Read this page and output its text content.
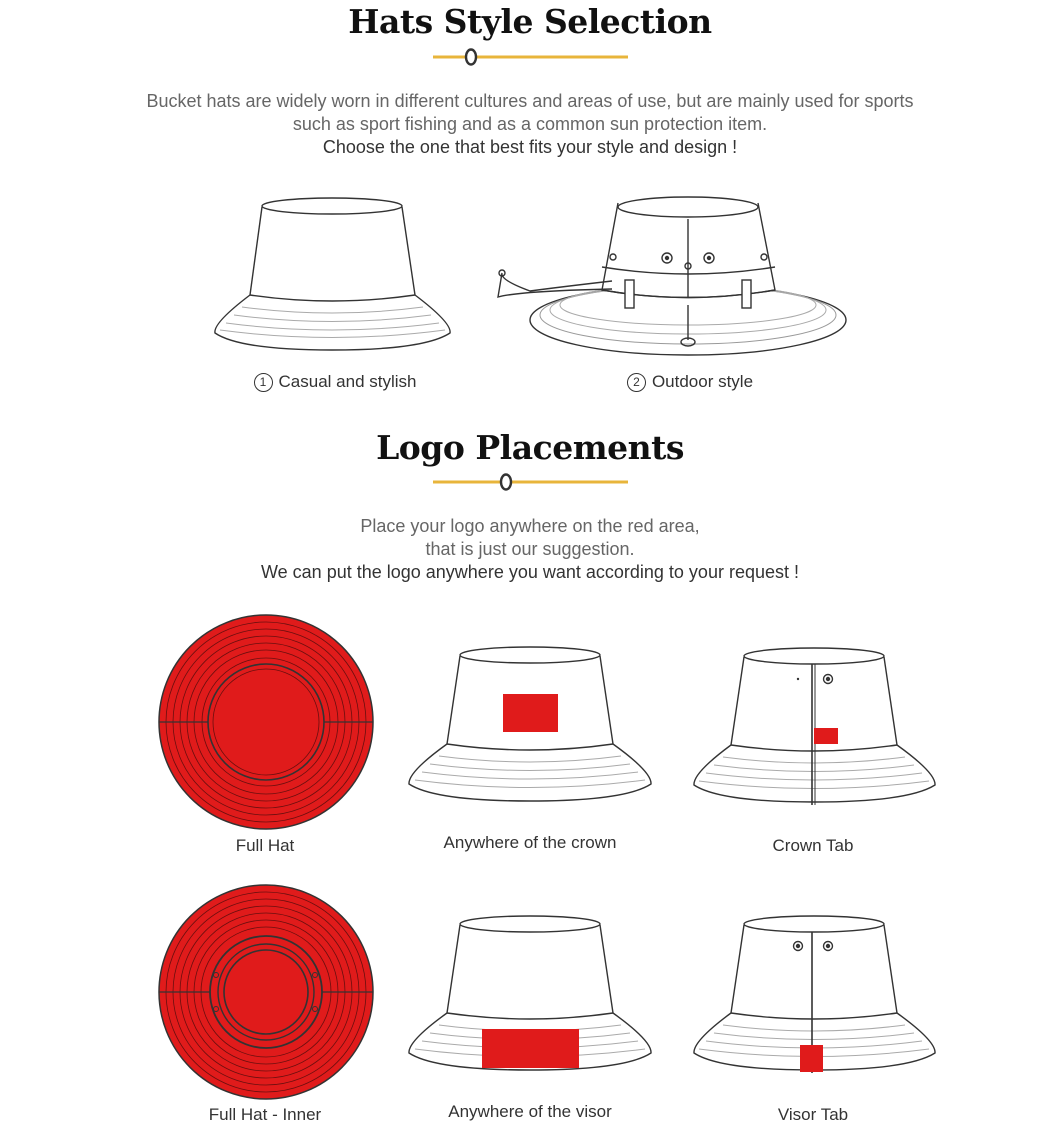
Hats Style Selection
Bucket hats are widely worn in different cultures and areas of use, but are mainly used for sports
such as sport fishing and as a common sun protection item.
Choose the one that best fits your style and design !
1 Casual and stylish	2 Outdoor style
Logo Placements
Place your logo anywhere on the red area,
that is just our suggestion.
We can put the logo anywhere you want according to your request !
Full Hat	Anywhere of the crown	Crown Tab
Full Hat - Inner	Anywhere of the visor	Visor Tab
